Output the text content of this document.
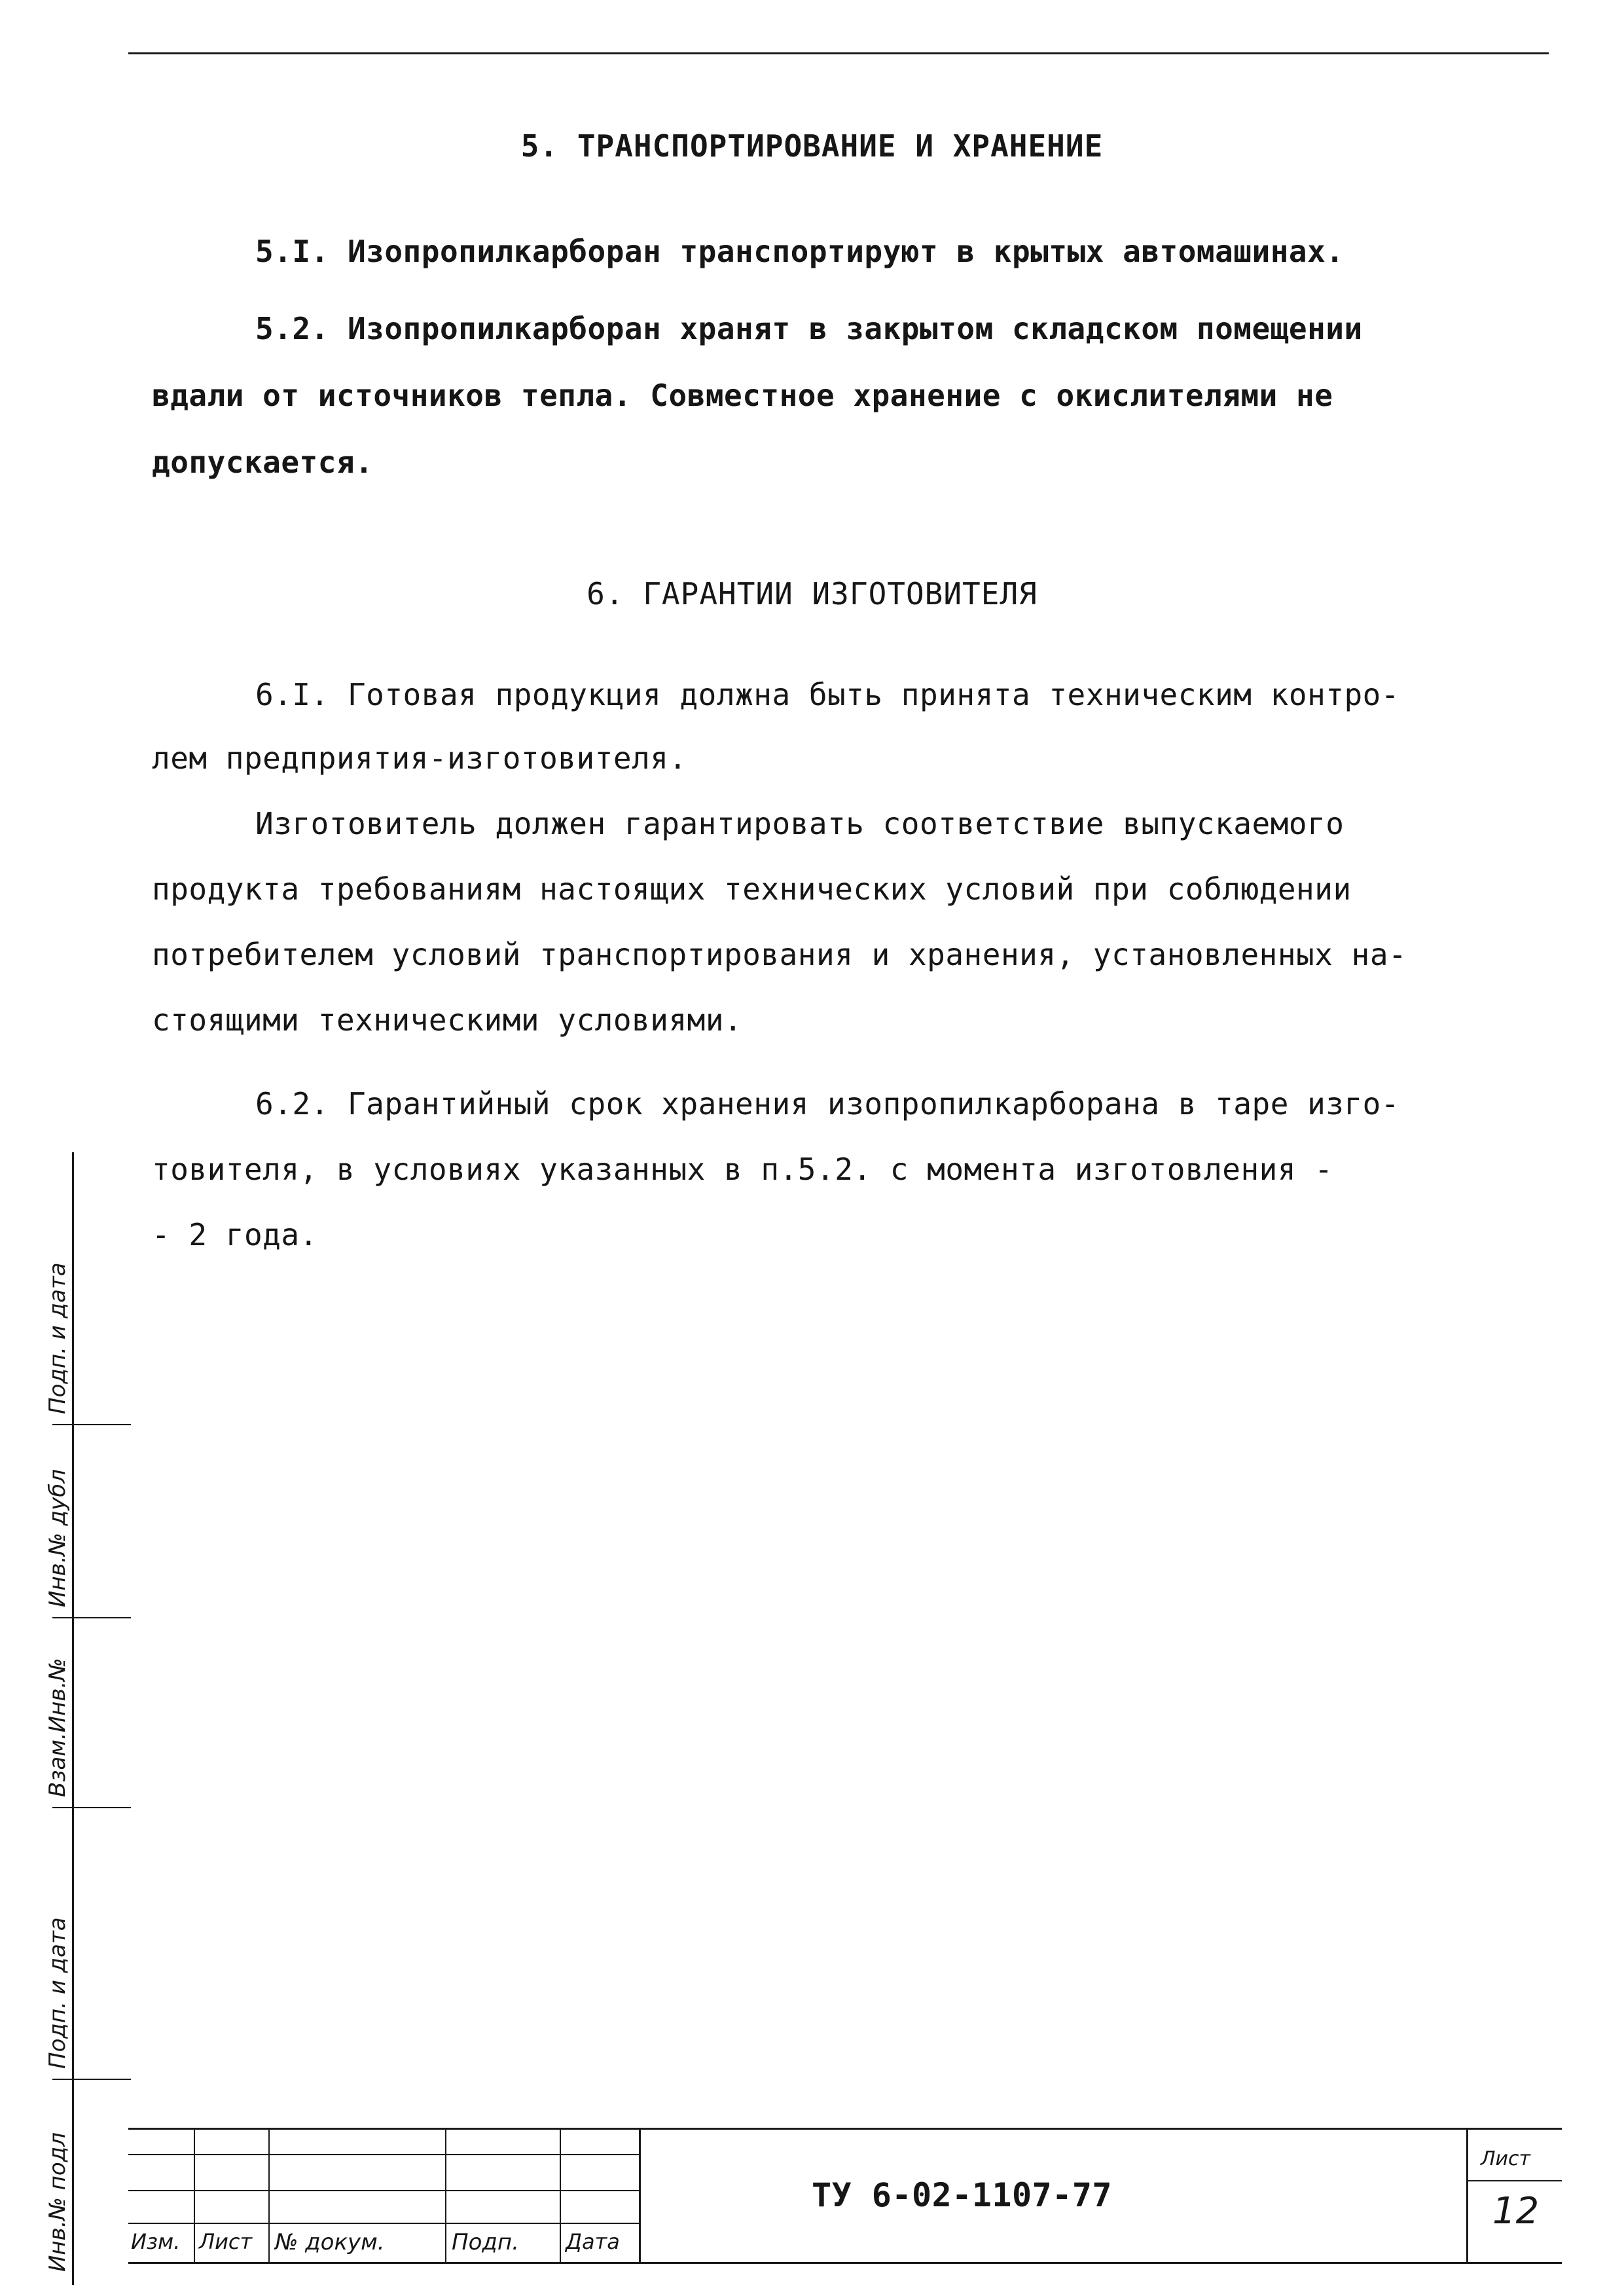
5. ТРАНСПОРТИРОВАНИЕ И ХРАНЕНИЕ
5.I. Изопропилкарборан транспортируют в крытых автомашинах.
5.2. Изопропилкарборан хранят в закрытом складском помещении
вдали от источников тепла. Совместное хранение с окислителями не
допускается.
6. ГАРАНТИИ ИЗГОТОВИТЕЛЯ
6.I. Готовая продукция должна быть принята техническим контро-
лем предприятия-изготовителя.
Изготовитель должен гарантировать соответствие выпускаемого
продукта требованиям настоящих технических условий при соблюдении
потребителем условий транспортирования и хранения, установленных на-
стоящими техническими условиями.
6.2. Гарантийный срок хранения изопропилкарборана в таре изго-
товителя, в условиях указанных в п.5.2. с момента изготовления -
- 2 года.
Подп. и дата
Инв.№ дубл
Взам.Инв.№
Подп. и дата
Инв.№ подл	Изм. Лист № докум.	Подп. Дата
ТУ 6-02-1107-77
Лист
12
